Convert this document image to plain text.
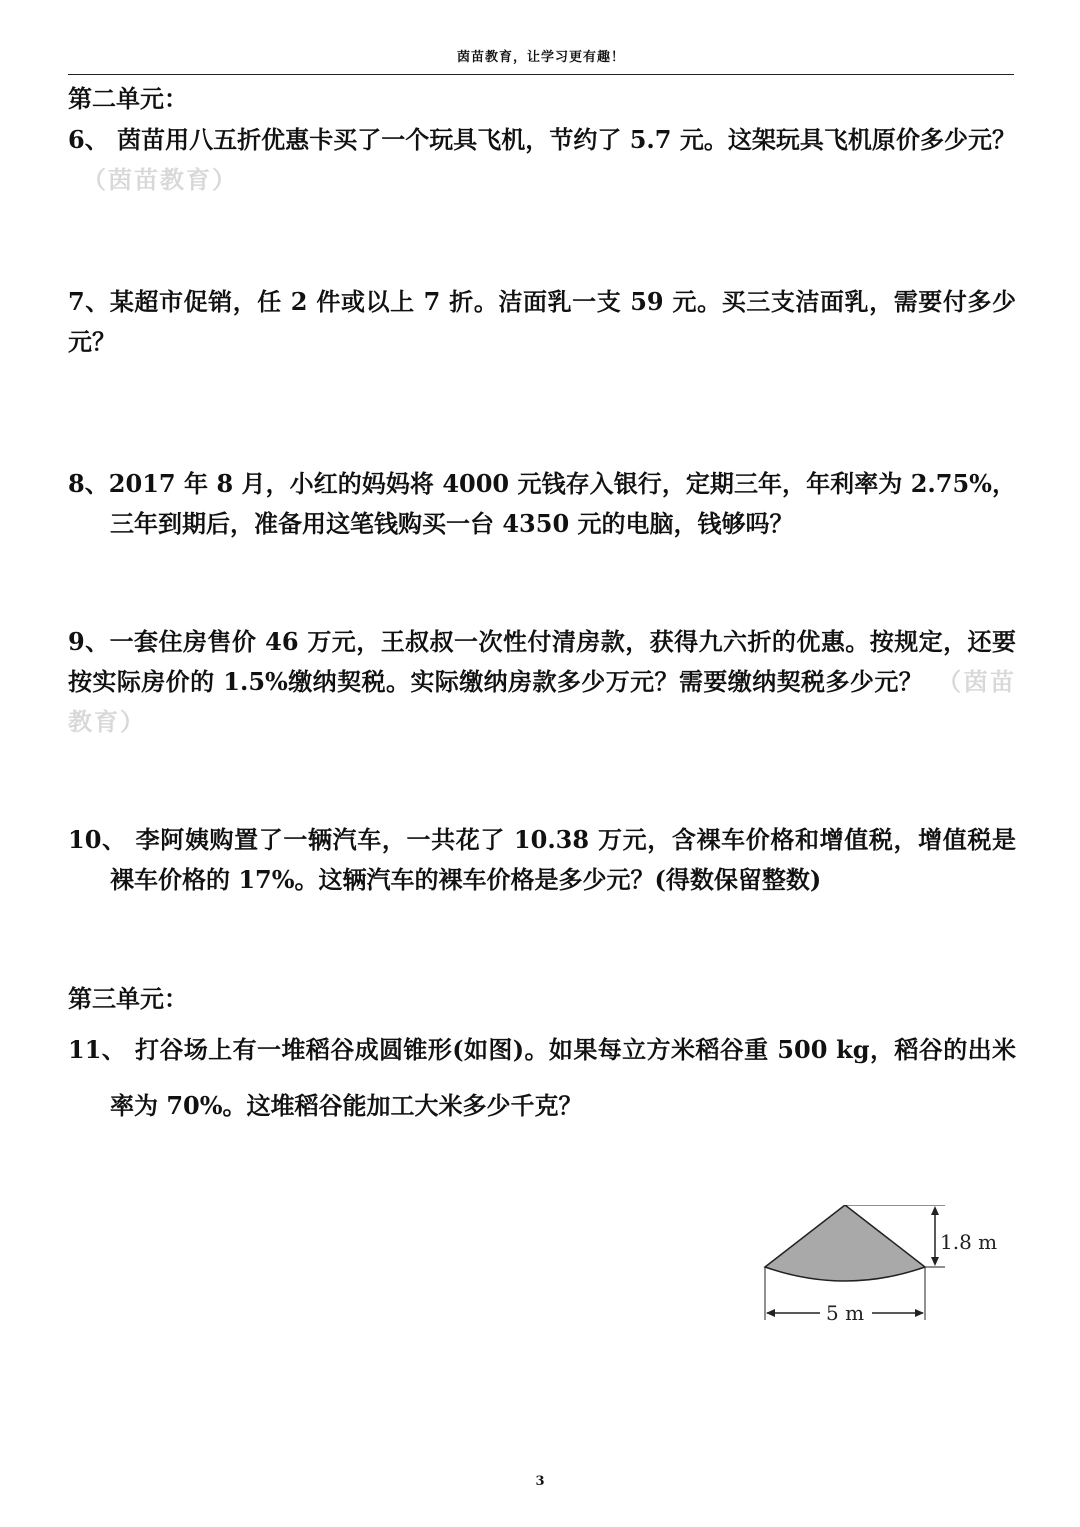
茵苗教育，让学习更有趣！
第二单元：
6、 茵苗用八五折优惠卡买了一个玩具飞机，节约了 5.7 元。这架玩具飞机原价多少元？（茵苗教育）
7、某超市促销，任 2 件或以上 7 折。洁面乳一支 59 元。买三支洁面乳，需要付多少元？
8、2017 年 8 月，小红的妈妈将 4000 元钱存入银行，定期三年，年利率为 2.75%，三年到期后，准备用这笔钱购买一台 4350 元的电脑，钱够吗？
9、一套住房售价 46 万元，王叔叔一次性付清房款，获得九六折的优惠。按规定，还要按实际房价的 1.5%缴纳契税。实际缴纳房款多少万元？需要缴纳契税多少元？ （茵苗教育）
10、 李阿姨购置了一辆汽车，一共花了 10.38 万元，含裸车价格和增值税，增值税是裸车价格的 17%。这辆汽车的裸车价格是多少元？(得数保留整数)
第三单元：
11、 打谷场上有一堆稻谷成圆锥形(如图)。如果每立方米稻谷重 500 kg，稻谷的出米率为 70%。这堆稻谷能加工大米多少千克？
1.8 m
5 m
3
